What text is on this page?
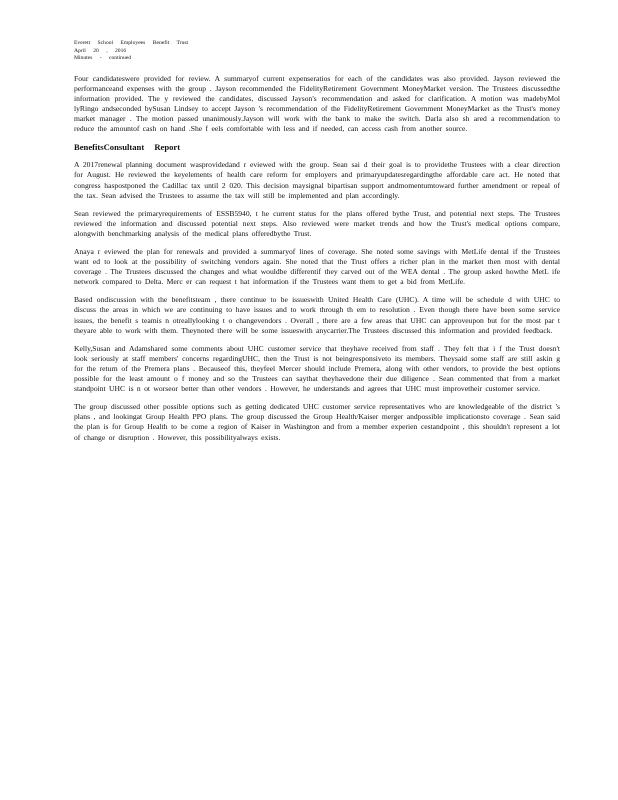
Everett School Employees Benefit Trust
April 20 , 2016
Minutes - continued

Four candidateswere provided for review. A summaryof current expenseratios for each of the candidates was also provided. Jayson reviewed the performanceand expenses with the group . Jayson recommended the FidelityRetirement Government MoneyMarket version. The Trustees discussedthe information provided. The y reviewed the candidates, discussed Jayson's recommendation and asked for clarification. A motion was madebyMol lyRingo andseconded bySusan Lindsey to accept Jayson 's recommendation of the FidelityRetirement Government MoneyMarket as the Trust's money market manager . The motion passed unanimously.Jayson will work with the bank to make the switch. Darla also sh ared a recommendation to reduce the amountof cash on hand .She f eels comfortable with less and if needed, can access cash from another source.

BenefitsConsultant Report

A 2017renewal planning document wasprovidedand r eviewed with the group. Sean sai d their goal is to providethe Trustees with a clear direction for August. He reviewed the keyelements of health care reform for employers and primaryupdatesregardingthe affordable care act. He noted that congress haspostponed the Cadillac tax until 2 020. This decision maysignal bipartisan support andmomentumtoward further amendment or repeal of the tax. Sean advised the Trustees to assume the tax will still be implemented and plan accordingly.

Sean reviewed the primaryrequirements of ESSB5940, t he current status for the plans offered bythe Trust, and potential next steps. The Trustees reviewed the information and discussed potential next steps. Also reviewed were market trends and how the Trust's medical options compare, alongwith benchmarking analysis of the medical plans offeredbythe Trust.

Anaya r eviewed the plan for renewals and provided a summaryof lines of coverage. She noted some savings with MetLife dental if the Trustees want ed to look at the possibility of switching vendors again. She noted that the Trust offers a richer plan in the market then most with dental coverage . The Trustees discussed the changes and what wouldbe differentif they carved out of the WEA dental . The group asked howthe MetL ife network compared to Delta. Merc er can request t hat information if the Trustees want them to get a bid from MetLife.

Based ondiscussion with the benefitsteam , there continue to be issueswith United Health Care (UHC). A time will be schedule d with UHC to discuss the areas in which we are continuing to have issues and to work through th em to resolution . Even though there have been some service issues, the benefit s teamis n otreallylooking t o changevendors . Overall , there are a few areas that UHC can approveupon but for the most par t theyare able to work with them. Theynoted there will be some issueswith anycarrier.The Trustees discussed this information and provided feedback.

Kelly,Susan and Adamshared some comments about UHC customer service that theyhave received from staff . They felt that i f the Trust doesn't look seriously at staff members' concerns regardingUHC, then the Trust is not beingresponsiveto its members. Theysaid some staff are still askin g for the return of the Premera plans . Becauseof this, theyfeel Mercer should include Premera, along with other vendors, to provide the best options possible for the least amount o f money and so the Trustees can saythat theyhavedone their due diligence . Sean commented that from a market standpoint UHC is n ot worseor better than other vendors . However, he understands and agrees that UHC must improvetheir customer service.

The group discussed other possible options such as getting dedicated UHC customer service representatives who are knowledgeable of the district 's plans , and lookingat Group Health PPO plans. The group discussed the Group Health/Kaiser merger andpossible implicationsto coverage . Sean said the plan is for Group Health to be come a region of Kaiser in Washington and from a member experien cestandpoint , this shouldn't represent a lot of change or disruption . However, this possibilityalways exists.
